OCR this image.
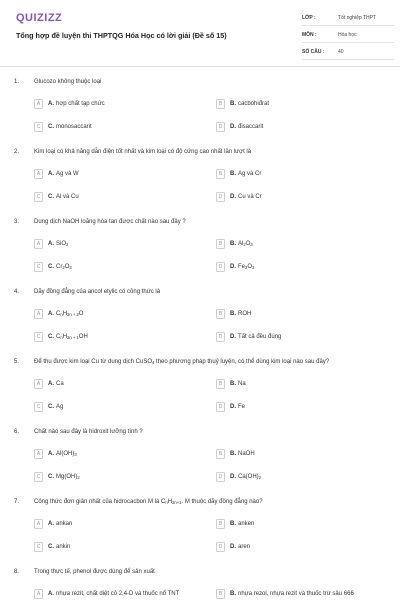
QUIZIZZ
Tổng hợp đề luyện thi THPTQG Hóa Học có lời giải (Đề số 15)
LỚP :	Tốt nghiệp THPT
MÔN :	Hóa học
SỐ CÂU :	40
1. Glucozo không thuộc loại
A	A. hợp chất tạp chức	B	B. cacbohiđrat
C	C. monosaccarit	D	D. đisaccarit
2. Kim loại có khả năng dẫn điện tốt nhất và kim loại có độ cứng cao nhất lần lượt là
A	A. Ag và W	B	B. Ag và Cr
C	C. Al và Cu	D	D. Cu và Cr
3. Dung dịch NaOH loãng hòa tan được chất nào sau đây ?
A	A. SiO$_2$	B	B. $Al_2O_3$
C	C. $Cr_2O_3$	D	D. $Fe_2O_3$
4. Dãy đồng đẳng của ancol etylic có công thức là
A	A. $C_nH_{2n + 2}O$	B	B. ROH
C	C. $C_nH_{2n + 1}OH$	D	D. Tất cả đều đúng
5. Để thu được kim loại Cu từ dung dịch CuSO$_4$ theo phương pháp thuỷ luyện, có thể dùng kim loại nào sau đây?
A	A. Ca	B	B. Na
C	C. Ag	D	D. Fe
6. Chất nào sau đây là hidroxit lưỡng tính ?
A	A. $Al(OH)_3$	B	B. NaOH
C	C. $Mg(OH)_2$	D	D. $Ca(OH)_2$
7. Công thức đơn giản nhất của hidrocacbon M là $C_nH_{2n+1}$. M thuộc dãy đồng đẳng nào?
A	A. ankan	B	B. anken
C	C. ankin	D	D. aren
8. Trong thực tế, phenol được dùng để sản xuất
A	A. nhựa rezit, chất diệt cỏ 2,4-D và thuốc nổ TNT	B	B. nhựa rezol, nhựa rezit và thuốc trừ sâu 666
